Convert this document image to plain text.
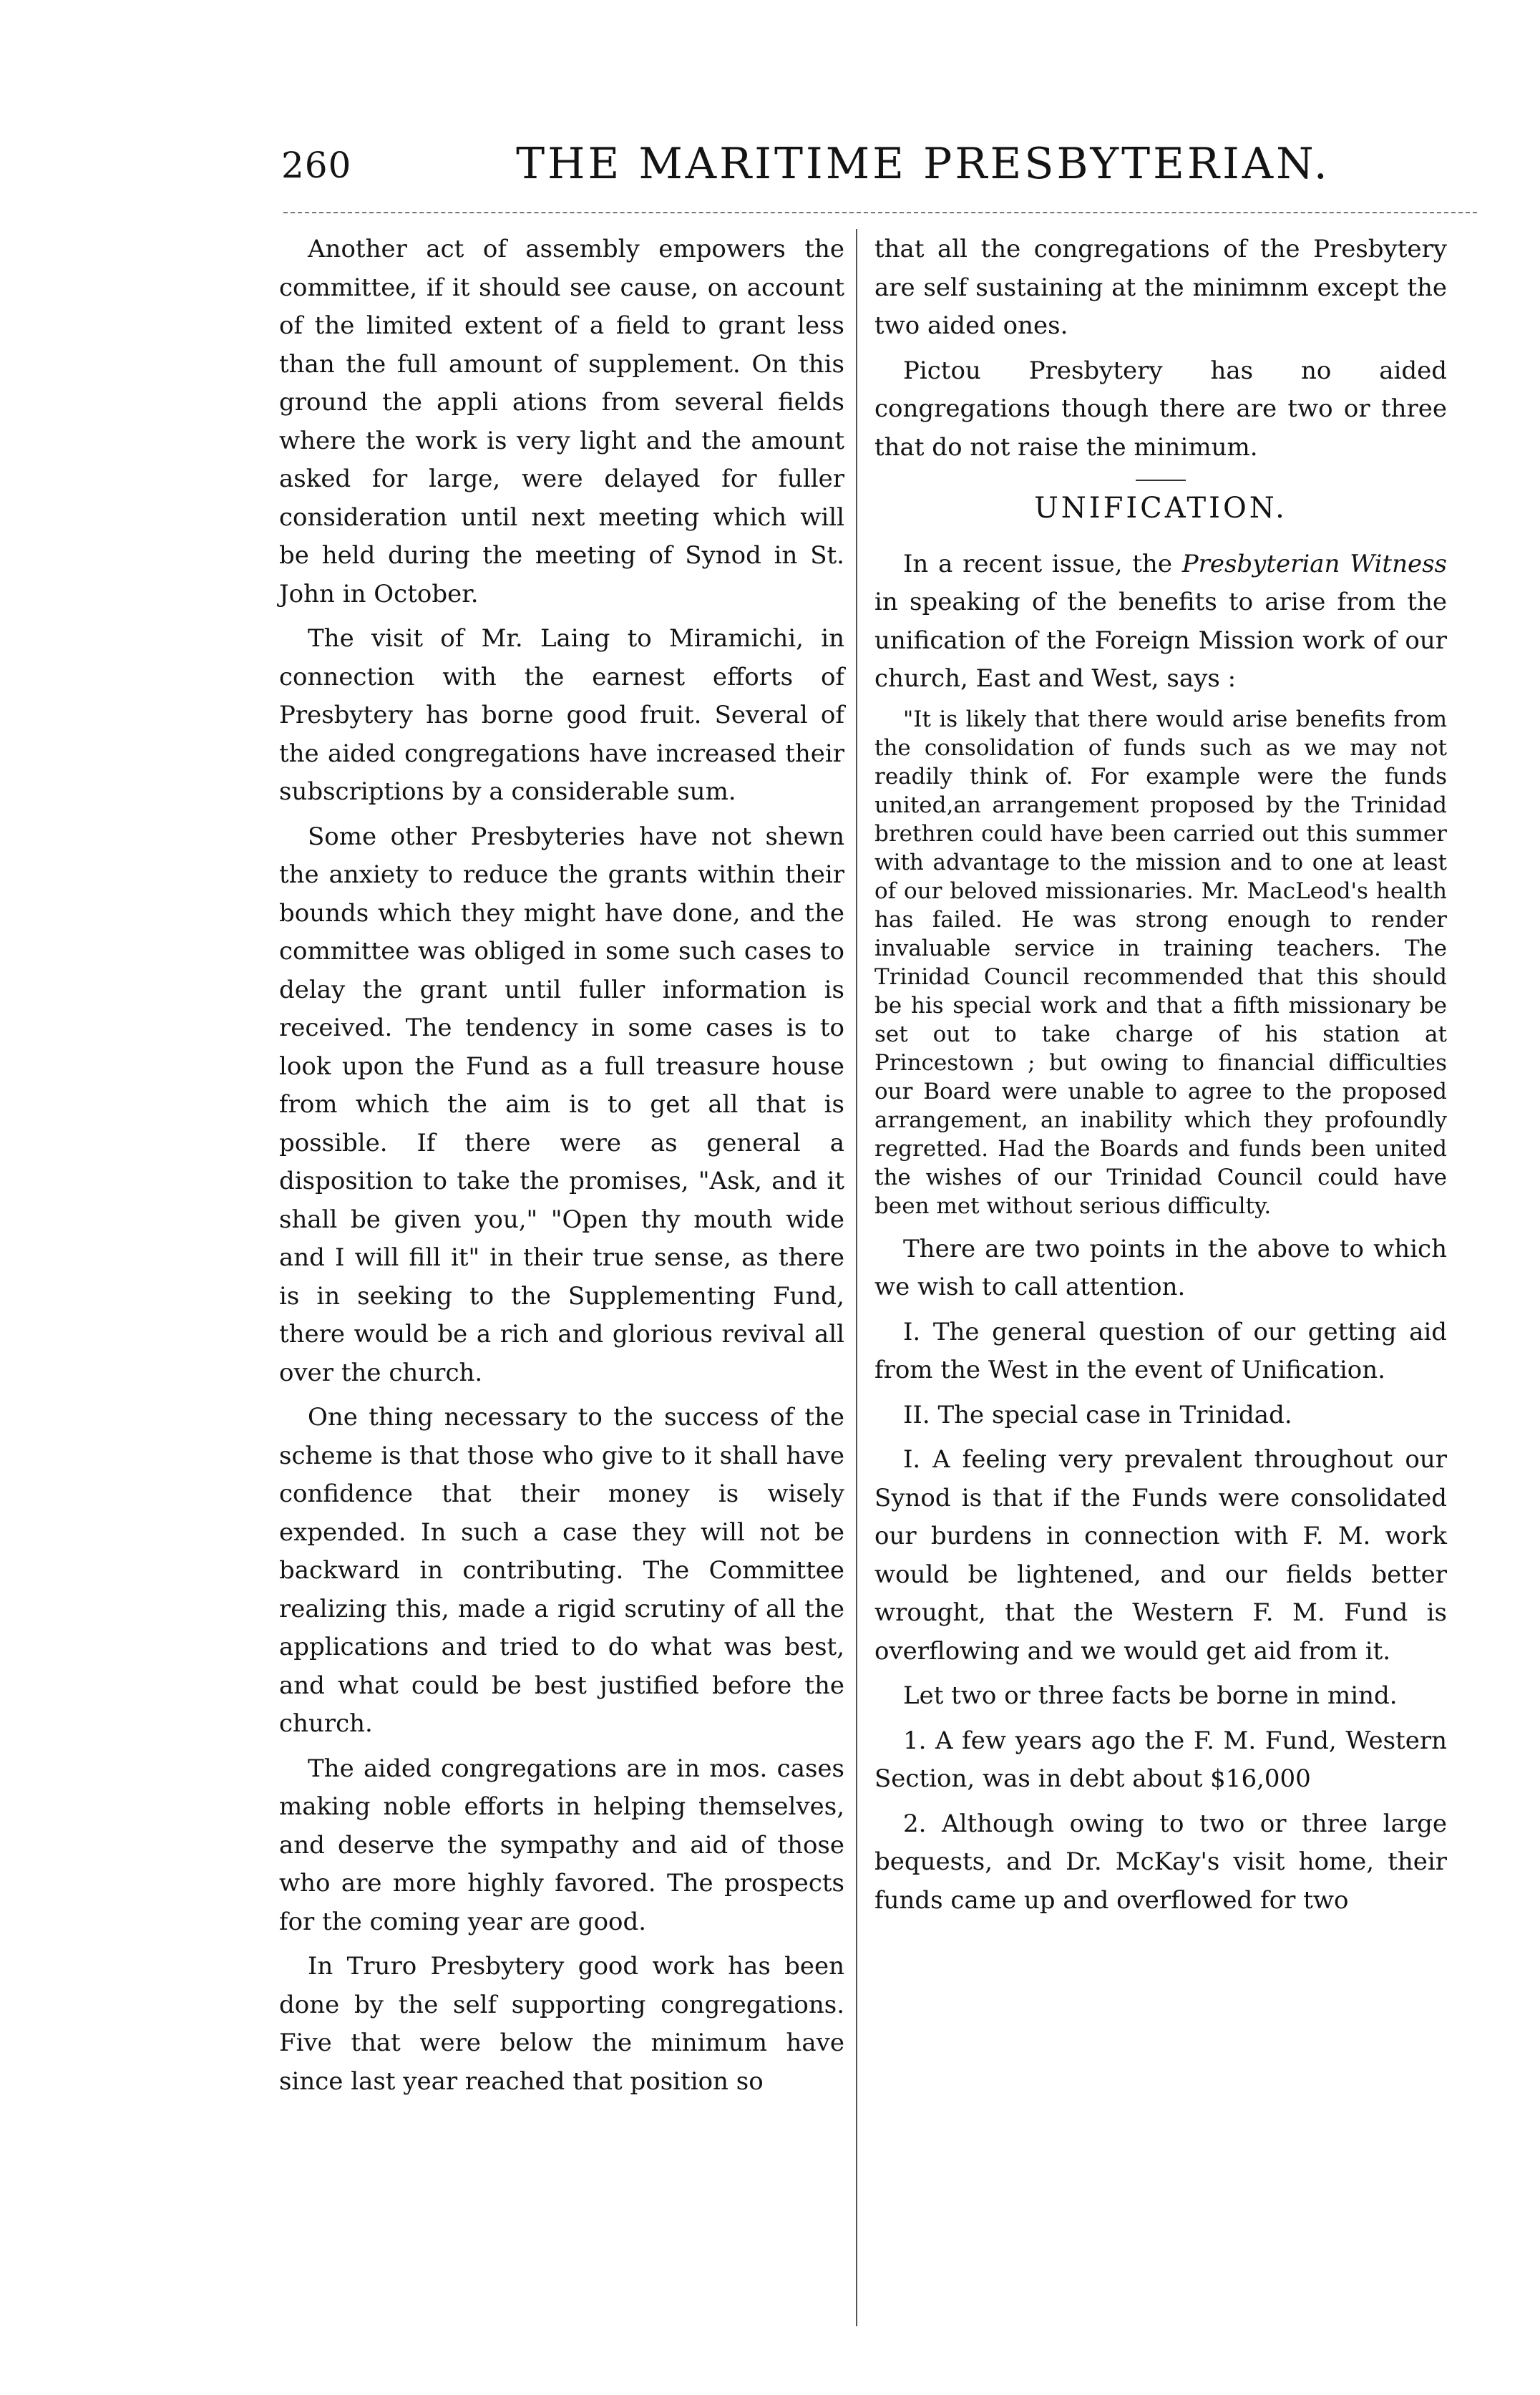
260	THE MARITIME PRESBYTERIAN.

Another act of assembly empowers the committee, if it should see cause, on account of the limited extent of a field to grant less than the full amount of supplement. On this ground the appli ations from several fields where the work is very light and the amount asked for large, were delayed for fuller consideration until next meeting which will be held during the meeting of Synod in St. John in October.

The visit of Mr. Laing to Miramichi, in connection with the earnest efforts of Presbytery has borne good fruit. Several of the aided congregations have increased their subscriptions by a considerable sum.

Some other Presbyteries have not shewn the anxiety to reduce the grants within their bounds which they might have done, and the committee was obliged in some such cases to delay the grant until fuller information is received. The tendency in some cases is to look upon the Fund as a full treasure house from which the aim is to get all that is possible. If there were as general a disposition to take the promises, "Ask, and it shall be given you," "Open thy mouth wide and I will fill it" in their true sense, as there is in seeking to the Supplementing Fund, there would be a rich and glorious revival all over the church.

One thing necessary to the success of the scheme is that those who give to it shall have confidence that their money is wisely expended. In such a case they will not be backward in contributing. The Committee realizing this, made a rigid scrutiny of all the applications and tried to do what was best, and what could be best justified before the church.

The aided congregations are in mos. cases making noble efforts in helping themselves, and deserve the sympathy and aid of those who are more highly favored. The prospects for the coming year are good.

In Truro Presbytery good work has been done by the self supporting congregations. Five that were below the minimum have since last year reached that position so

that all the congregations of the Presbytery are self sustaining at the minimnm except the two aided ones.

Pictou Presbytery has no aided congregations though there are two or three that do not raise the minimum.

UNIFICATION.

In a recent issue, the Presbyterian Witness in speaking of the benefits to arise from the unification of the Foreign Mission work of our church, East and West, says :

"It is likely that there would arise benefits from the consolidation of funds such as we may not readily think of. For example were the funds united,an arrangement proposed by the Trinidad brethren could have been carried out this summer with advantage to the mission and to one at least of our beloved missionaries. Mr. MacLeod's health has failed. He was strong enough to render invaluable service in training teachers. The Trinidad Council recommended that this should be his special work and that a fifth missionary be set out to take charge of his station at Princestown ; but owing to financial difficulties our Board were unable to agree to the proposed arrangement, an inability which they profoundly regretted. Had the Boards and funds been united the wishes of our Trinidad Council could have been met without serious difficulty.

There are two points in the above to which we wish to call attention.

I. The general question of our getting aid from the West in the event of Unification.

II. The special case in Trinidad.

I. A feeling very prevalent throughout our Synod is that if the Funds were consolidated our burdens in connection with F. M. work would be lightened, and our fields better wrought, that the Western F. M. Fund is overflowing and we would get aid from it.

Let two or three facts be borne in mind.

1. A few years ago the F. M. Fund, Western Section, was in debt about $16,000

2. Although owing to two or three large bequests, and Dr. McKay's visit home, their funds came up and overflowed for two
